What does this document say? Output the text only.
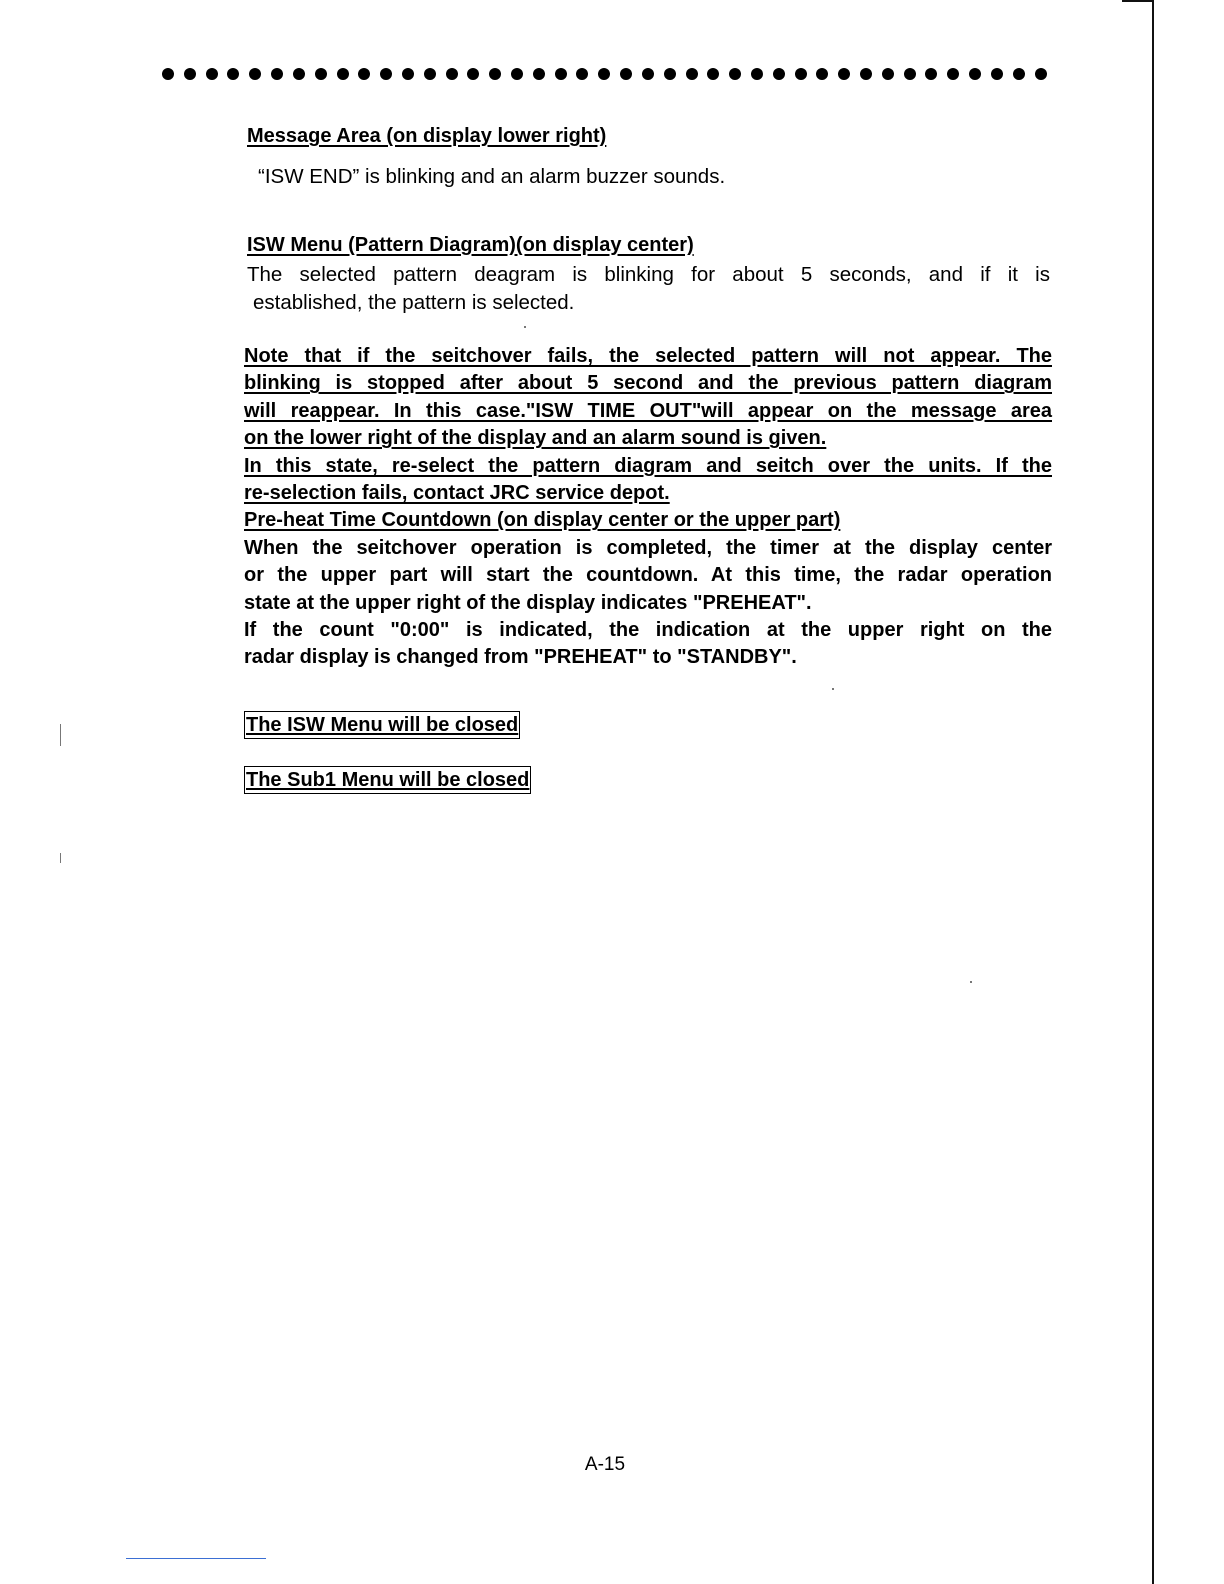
Message Area (on display lower right)

“ISW END” is blinking and an alarm buzzer sounds.

ISW Menu (Pattern Diagram)(on display center)

The selected pattern deagram is blinking for about 5 seconds, and if it is
established, the pattern is selected.

Note that if the seitchover fails, the selected pattern will not appear. The
blinking is stopped after about 5 second and the previous pattern diagram
will reappear. In this case."ISW TIME OUT"will appear on the message area
on the lower right of the display and an alarm sound is given.
In this state, re-select the pattern diagram and seitch over the units. If the
re-selection fails, contact JRC service depot.
Pre-heat Time Countdown (on display center or the upper part)
When the seitchover operation is completed, the timer at the display center
or the upper part will start the countdown. At this time, the radar operation
state at the upper right of the display indicates "PREHEAT".
If the count "0:00" is indicated, the indication at the upper right on the
radar display is changed from "PREHEAT" to "STANDBY".
The ISW Menu will be closed
The Sub1 Menu will be closed
A-15
